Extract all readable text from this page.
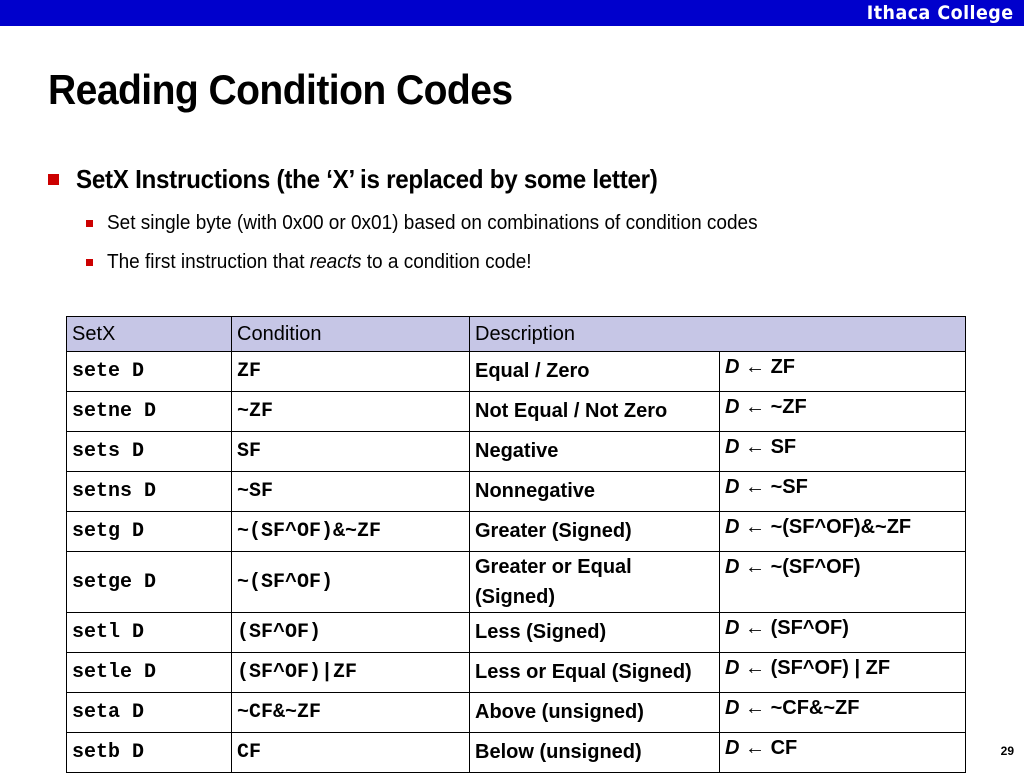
Ithaca College
Reading Condition Codes
SetX Instructions (the ‘X’ is replaced by some letter)
Set single byte (with 0x00 or 0x01) based on combinations of condition codes
The first instruction that reacts to a condition code!
SetX	Condition	Description	
sete D	ZF	Equal / Zero	D ← ZF
setne D	~ZF	Not Equal / Not Zero	D ← ~ZF
sets D	SF	Negative	D ← SF
setns D	~SF	Nonnegative	D ← ~SF
setg D	~(SF^OF)&~ZF	Greater (Signed)	D ← ~(SF^OF)&~ZF
setge D	~(SF^OF)	Greater or Equal (Signed)	D ← ~(SF^OF)
setl D	(SF^OF)	Less (Signed)	D ← (SF^OF)
setle D	(SF^OF)|ZF	Less or Equal (Signed)	D ← (SF^OF) | ZF
seta D	~CF&~ZF	Above (unsigned)	D ← ~CF&~ZF
setb D	CF	Below (unsigned)	D ← CF	29
